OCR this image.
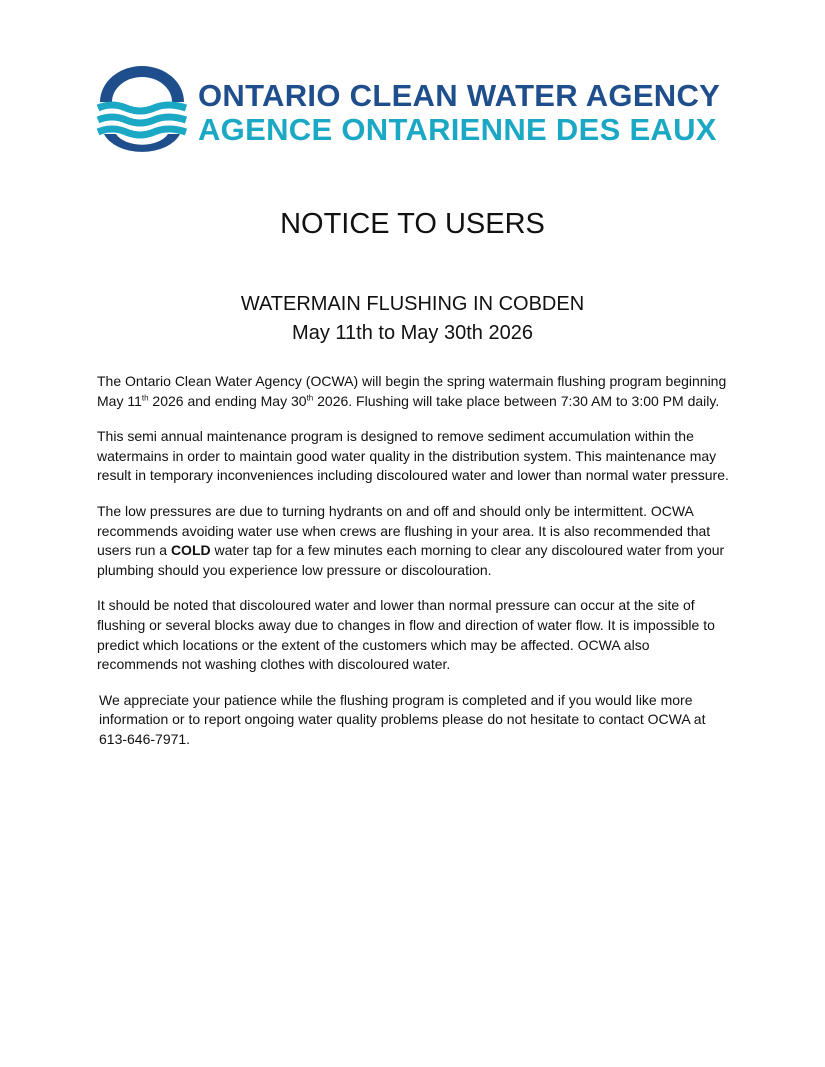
ONTARIO CLEAN WATER AGENCY
AGENCE ONTARIENNE DES EAUX
NOTICE TO USERS
WATERMAIN FLUSHING IN COBDEN
May 11th to May 30th 2026

The Ontario Clean Water Agency (OCWA) will begin the spring watermain flushing program beginning May 11th 2026 and ending May 30th 2026. Flushing will take place between 7:30 AM to 3:00 PM daily.

This semi annual maintenance program is designed to remove sediment accumulation within the watermains in order to maintain good water quality in the distribution system. This maintenance may result in temporary inconveniences including discoloured water and lower than normal water pressure.

The low pressures are due to turning hydrants on and off and should only be intermittent. OCWA recommends avoiding water use when crews are flushing in your area. It is also recommended that users run a COLD water tap for a few minutes each morning to clear any discoloured water from your plumbing should you experience low pressure or discolouration.

It should be noted that discoloured water and lower than normal pressure can occur at the site of flushing or several blocks away due to changes in flow and direction of water flow. It is impossible to predict which locations or the extent of the customers which may be affected. OCWA also recommends not washing clothes with discoloured water.

We appreciate your patience while the flushing program is completed and if you would like more information or to report ongoing water quality problems please do not hesitate to contact OCWA at 613-646-7971.
